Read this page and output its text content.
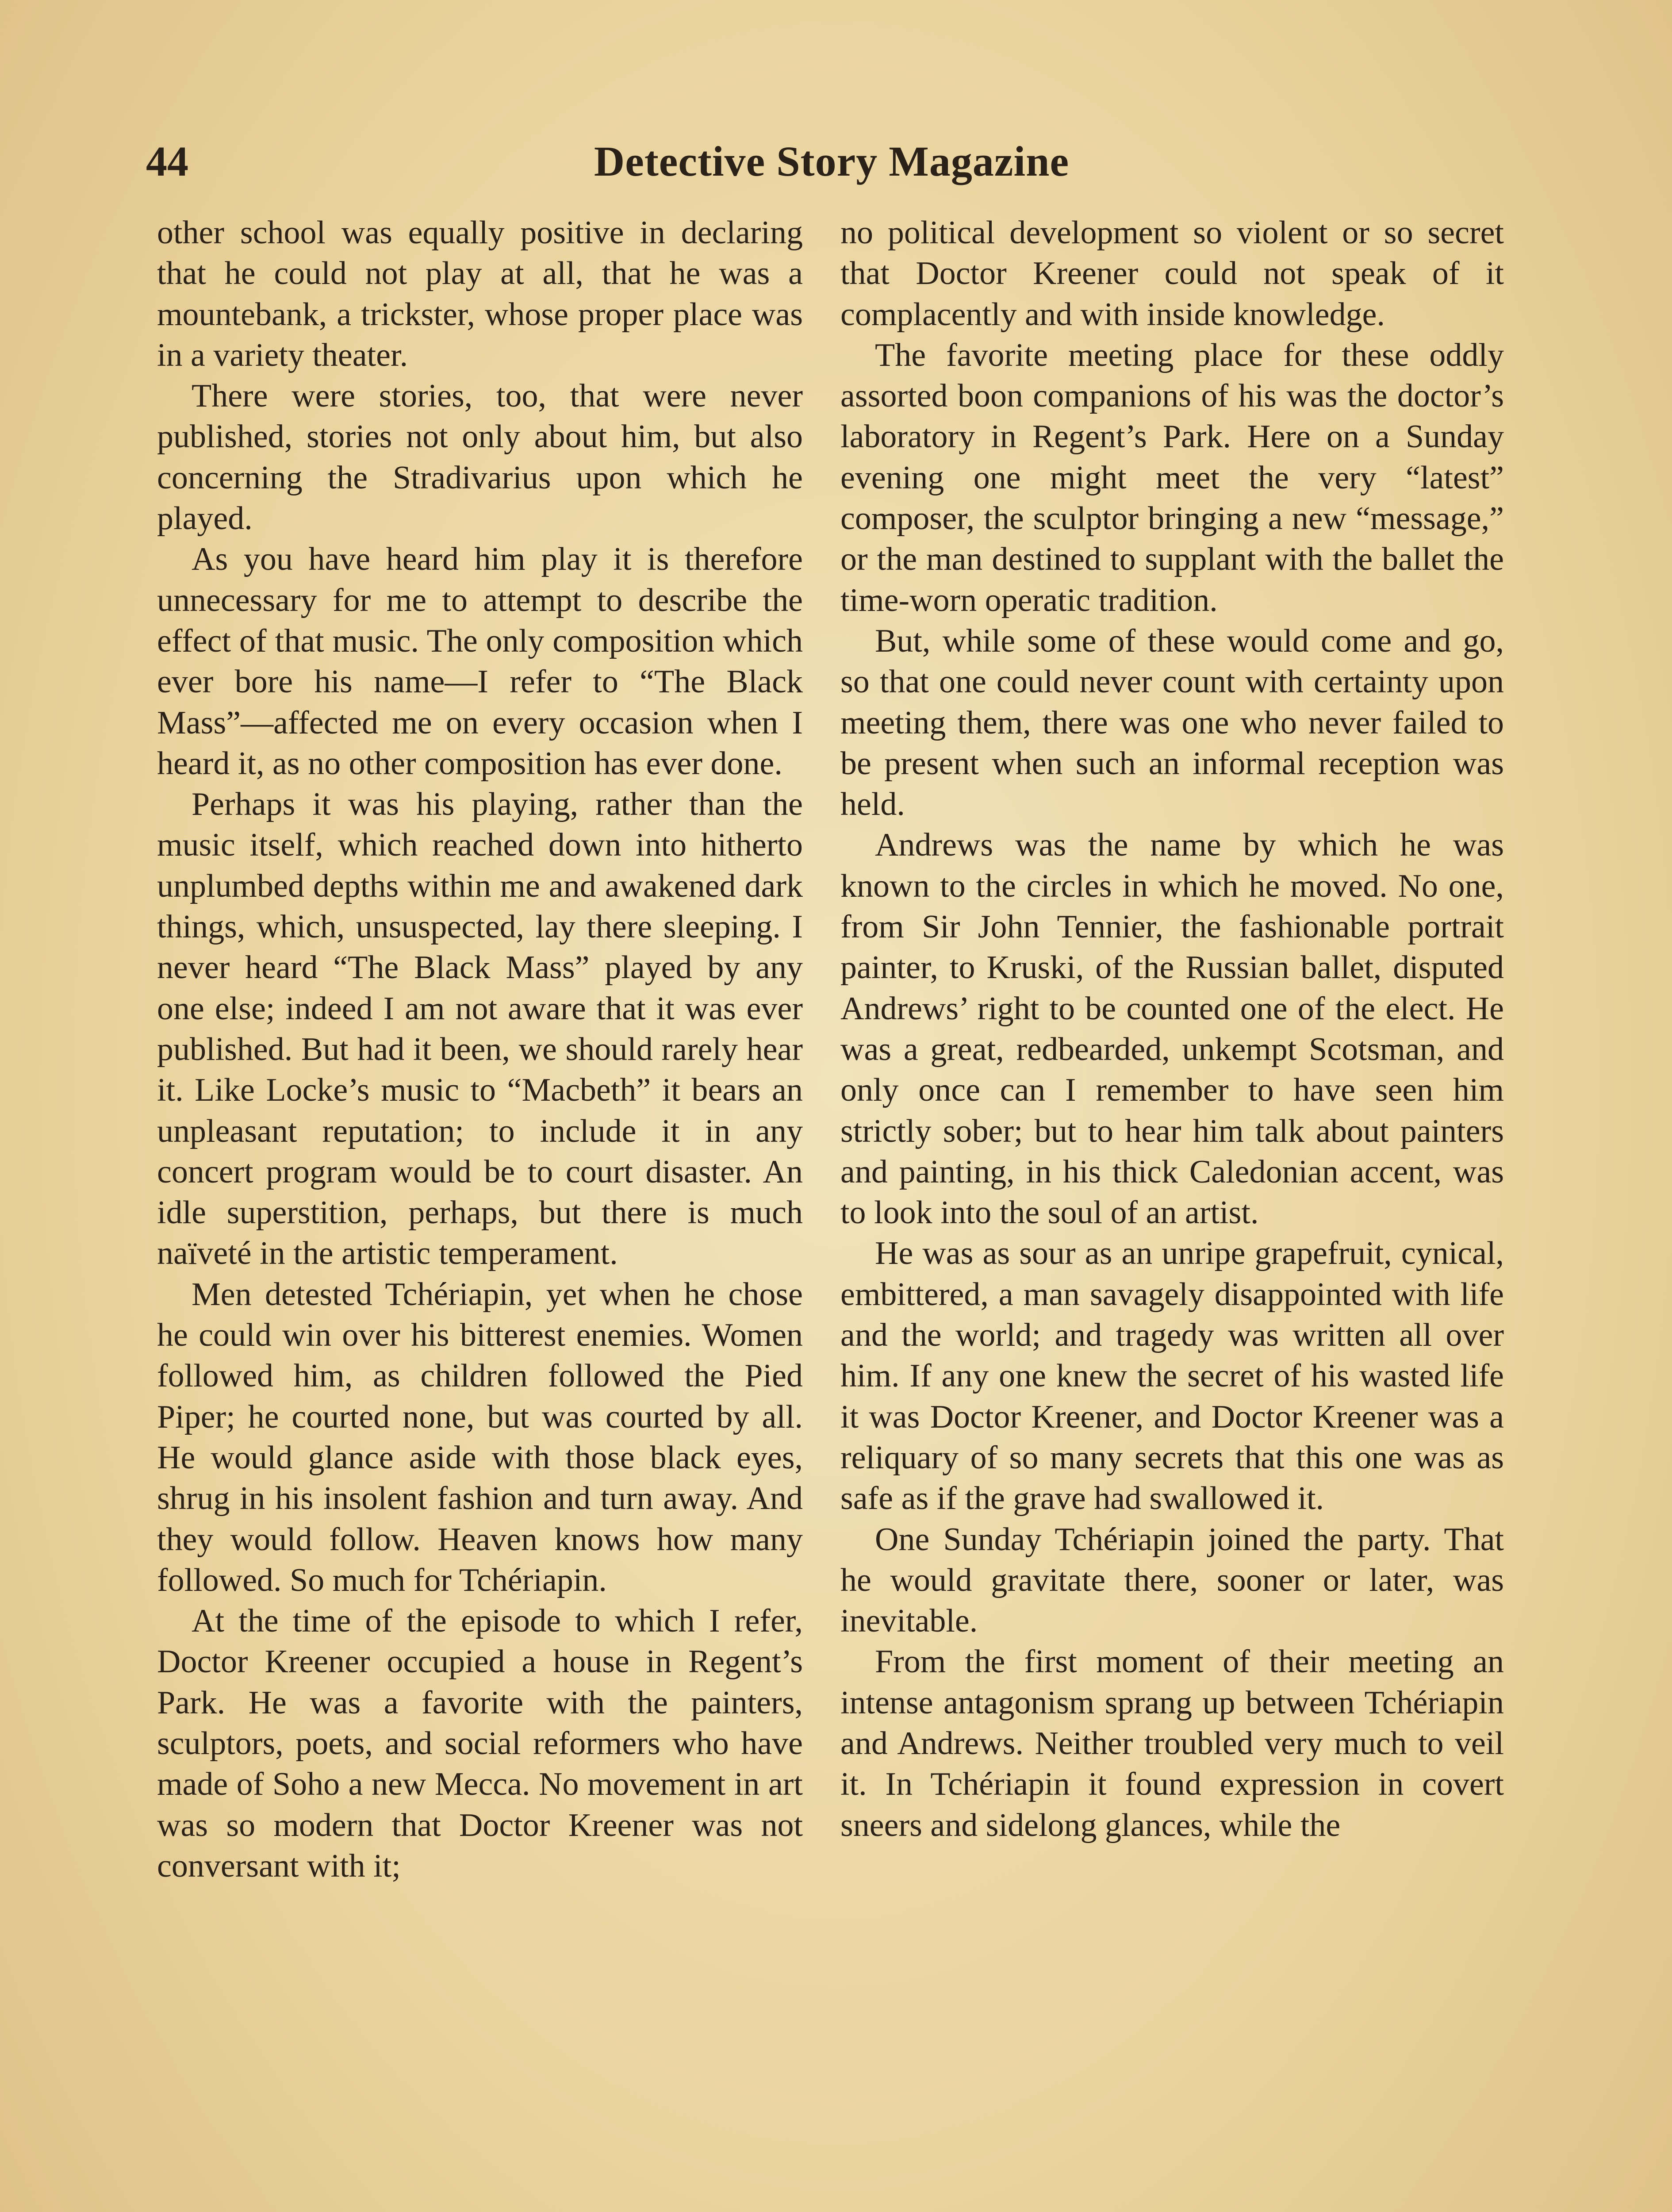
44	Detective Story Magazine

other school was equally positive in declaring that he could not play at all, that he was a mountebank, a trickster, whose proper place was in a variety theater.

There were stories, too, that were never published, stories not only about him, but also concerning the Stradivarius upon which he played.

As you have heard him play it is therefore unnecessary for me to attempt to describe the effect of that music. The only composition which ever bore his name—I refer to “The Black Mass”—affected me on every occasion when I heard it, as no other composition has ever done.

Perhaps it was his playing, rather than the music itself, which reached down into hitherto unplumbed depths within me and awakened dark things, which, unsuspected, lay there sleeping. I never heard “The Black Mass” played by any one else; indeed I am not aware that it was ever published. But had it been, we should rarely hear it. Like Locke’s music to “Macbeth” it bears an unpleasant reputation; to include it in any concert program would be to court disaster. An idle superstition, perhaps, but there is much naïveté in the artistic temperament.

Men detested Tchériapin, yet when he chose he could win over his bitterest enemies. Women followed him, as children followed the Pied Piper; he courted none, but was courted by all. He would glance aside with those black eyes, shrug in his insolent fashion and turn away. And they would follow. Heaven knows how many followed. So much for Tchériapin.

At the time of the episode to which I refer, Doctor Kreener occupied a house in Regent’s Park. He was a favorite with the painters, sculptors, poets, and social reformers who have made of Soho a new Mecca. No movement in art was so modern that Doctor Kreener was not conversant with it;

no political development so violent or so secret that Doctor Kreener could not speak of it complacently and with inside knowledge.

The favorite meeting place for these oddly assorted boon companions of his was the doctor’s laboratory in Regent’s Park. Here on a Sunday evening one might meet the very “latest” composer, the sculptor bringing a new “message,” or the man destined to supplant with the ballet the time-worn operatic tradition.

But, while some of these would come and go, so that one could never count with certainty upon meeting them, there was one who never failed to be present when such an informal reception was held.

Andrews was the name by which he was known to the circles in which he moved. No one, from Sir John Tennier, the fashionable portrait painter, to Kruski, of the Russian ballet, disputed Andrews’ right to be counted one of the elect. He was a great, redbearded, unkempt Scotsman, and only once can I remember to have seen him strictly sober; but to hear him talk about painters and painting, in his thick Caledonian accent, was to look into the soul of an artist.

He was as sour as an unripe grapefruit, cynical, embittered, a man savagely disappointed with life and the world; and tragedy was written all over him. If any one knew the secret of his wasted life it was Doctor Kreener, and Doctor Kreener was a reliquary of so many secrets that this one was as safe as if the grave had swallowed it.

One Sunday Tchériapin joined the party. That he would gravitate there, sooner or later, was inevitable.

From the first moment of their meeting an intense antagonism sprang up between Tchériapin and Andrews. Neither troubled very much to veil it. In Tchériapin it found expression in covert sneers and sidelong glances, while the
